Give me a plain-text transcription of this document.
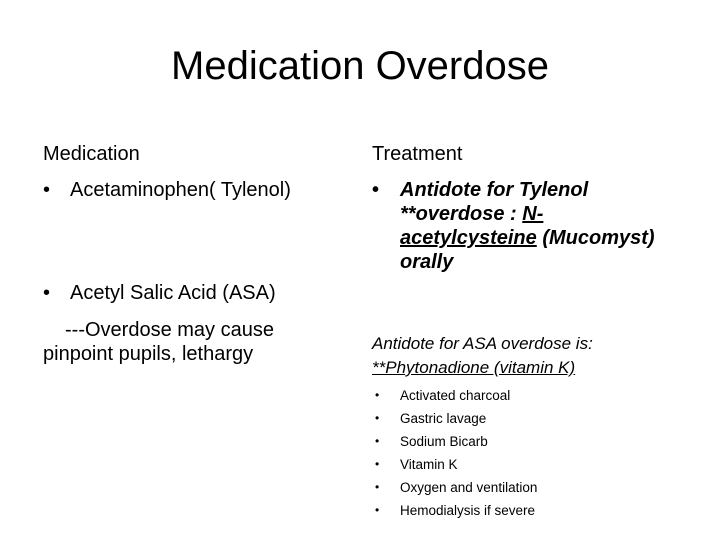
Medication Overdose
Medication	Treatment
• Acetaminophen( Tylenol)
• Acetyl Salic Acid (ASA)
---Overdose may cause
pinpoint pupils, lethargy
• Antidote for Tylenol
**overdose : N-
acetylcysteine (Mucomyst)
orally
Antidote for ASA overdose is:
**Phytonadione (vitamin K)
• Activated charcoal
• Gastric lavage
• Sodium Bicarb
• Vitamin K
• Oxygen and ventilation
• Hemodialysis if severe
